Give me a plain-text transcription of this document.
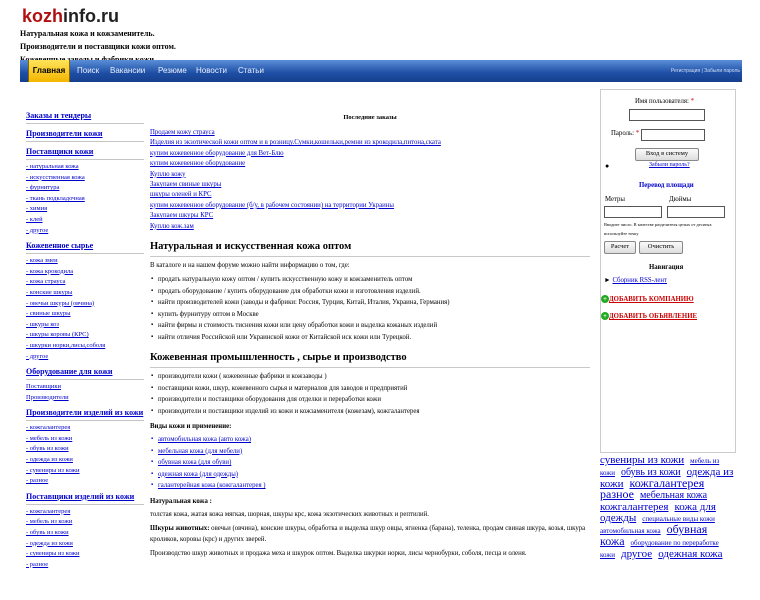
kozhinfo.ru
Натуральная кожа и кожзаменитель.
Производители и поставщики кожи оптом.
Главная	Поиск Вакансии Резюме Новости Статьи	Регистрация | Забыли пароль
Заказы и тендеры
Производители кожи
Поставщики кожи
- натуральная кожа
- искусственная кожа
- фурнитура
- ткань подкладочная
- химия
- клей
- другое
Кожевенное сырье
- кожа змеи
- кожа крокодила
- кожа страуса
- конские шкуры
- овечьи шкуры (овчина)
- свиные шкуры
- шкуры коз
- шкуры коровы (КРС)
- шкурки норки,лисы,соболя
- другое
Оборудование для кожи
Поставщики
Производители
Производители изделий из кожи
- кожгалантерея
- мебель из кожи
- обувь из кожи
- одежда из кожи
- сувениры из кожи
- разное
Поставщики изделий из кожи
- кожгалантерея
- мебель из кожи
- обувь из кожи
- одежда из кожи
- сувениры из кожи
- разное
Последние заказы
Продаем кожу страуса
Изделия из экзотической кожи оптом и в розницу.Сумки,кошельки,ремни из крокодила,питона,ската
купим кожевенное оборудование для Вет-Блю
купим кожевенное оборудование
Куплю кожу
Закупаем свиные шкуры
шкуры оленей и КРС
купим кожевенное оборудование (б/у, в рабочем состоянии) на территории Украины
Закупаем шкуры КРС
Куплю кож.зам
Натуральная и искусственная кожа оптом

В каталоге и на нашем форуме можно найти информацию о том, где:

▪ продать натуральную кожу оптом / купить искусственную кожу и кожзаменитель оптом
▪ продать оборудование / купить оборудование для обработки кожи и изготовления изделий.
▪ найти производителей кожи (заводы и фабрики: Россия, Турция, Китай, Италия, Украина, Германия)
▪ купить фурнитуру оптом в Москве
▪ найти фирмы и стоимость тиснения кожи или цену обработки кожи и выделка кожаных изделий
▪ найти отличия Российской или Украинской кожи от Китайской иск кожи или Турецкой.
Кожевенная промышленность , сырье и производство
▪ производители кожи ( кожевенные фабрики и кожзаводы )
▪ поставщики кожи, шкур, кожевенного сырья и материалов для заводов и предприятий
▪ производители и поставщики оборудования для отделки и переработки кожи
▪ производители и поставщики изделий из кожи и кожзаменителя (кожезам), кожгалантерея
Виды кожи и применение:
▪ автомобильная кожа (авто кожа)
▪ мебельная кожа (для мебели)
▪ обувная кожа (для обуви)
▪ одежная кожа (для одежды)
▪ галантерейная кожа (кожгалантерея )
Натуральная кожа :

толстая кожа, жатая кожа мягкая, шорная, шкуры крс, кожа экзотических животных и рептилий.

Шкуры животных: овечьи (овчина), конские шкуры, обработка и выделка шкур овцы, ягненка (барана), теленка, продам свиная шкура, козья, шкура кроликов, коровы (крс) и других зверей.

Производство шкур животных и продажа меха и шкурок оптом. Выделка шкурки норки, лисы чернобурки, соболя, песца и оленя.

Имя пользователя: *
Пароль: *
Вход в систему
●	Забыли пароль?
Перевод площади
Метры	Дюймы
Вводите число. В качестве разделителя целых от десятых используйте точку
Расчет	Очистить
Навигация
► Сборник RSS-лент
+ ДОБАВИТЬ КОМПАНИЮ
+ ДОБАВИТЬ ОБЪЯВЛЕНИЕ
сувениры из кожи мебель из кожи обувь из кожи одежда из кожи кожгалантерея разное мебельная кожа кожгалантерея кожа для одежды специальные виды кожи автомобильная кожа обувная кожа оборудование по переработке кожи другое одежная кожа
